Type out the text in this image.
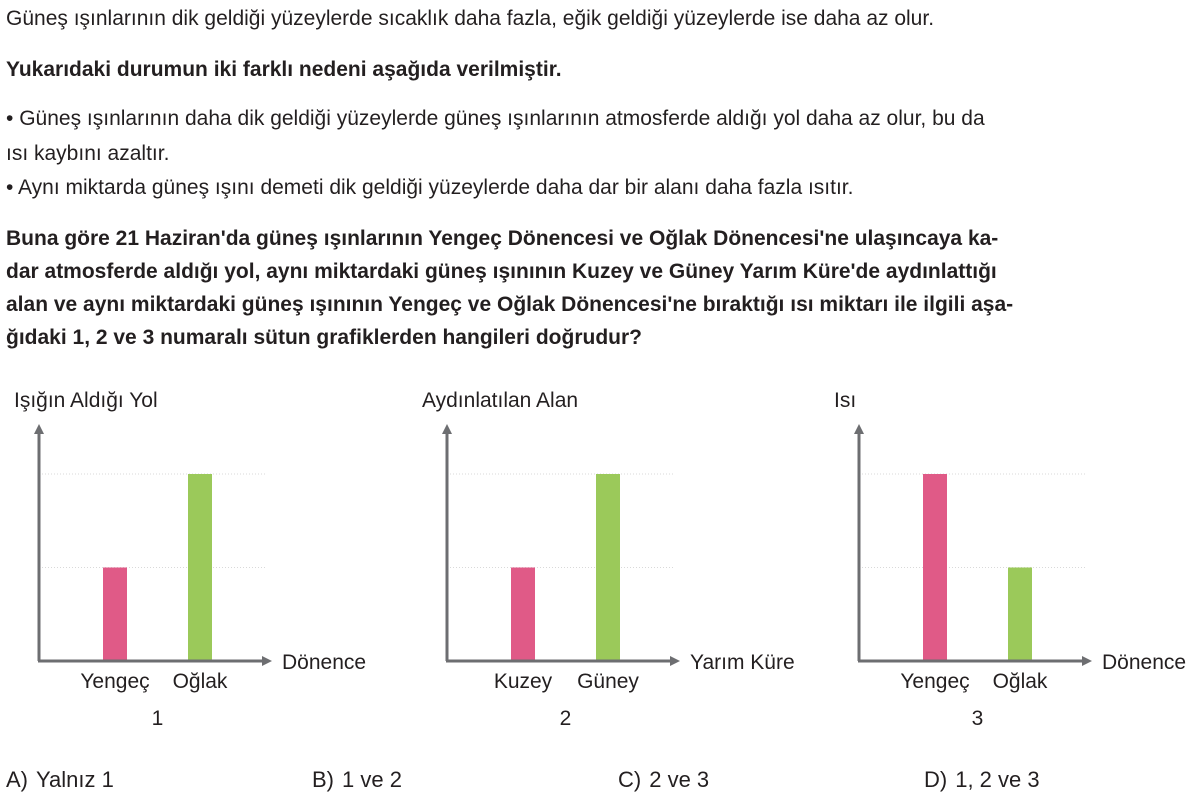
Güneş ışınlarının dik geldiği yüzeylerde sıcaklık daha fazla, eğik geldiği yüzeylerde ise daha az olur.
Yukarıdaki durumun iki farklı nedeni aşağıda verilmiştir.
• Güneş ışınlarının daha dik geldiği yüzeylerde güneş ışınlarının atmosferde aldığı yol daha az olur, bu da
ısı kaybını azaltır.
• Aynı miktarda güneş ışını demeti dik geldiği yüzeylerde daha dar bir alanı daha fazla ısıtır.
Buna göre 21 Haziran'da güneş ışınlarının Yengeç Dönencesi ve Oğlak Dönencesi'ne ulaşıncaya ka-
dar atmosferde aldığı yol, aynı miktardaki güneş ışınının Kuzey ve Güney Yarım Küre'de aydınlattığı
alan ve aynı miktardaki güneş ışınının Yengeç ve Oğlak Dönencesi'ne bıraktığı ısı miktarı ile ilgili aşa-
ğıdaki 1, 2 ve 3 numaralı sütun grafiklerden hangileri doğrudur?
Işığın Aldığı Yol
Dönence
Yengeç Oğlak
1
Aydınlatılan Alan
Yarım Küre
Kuzey Güney
2
Isı
Dönence
Yengeç Oğlak
3
A) Yalnız 1	B) 1 ve 2	C) 2 ve 3	D) 1, 2 ve 3
